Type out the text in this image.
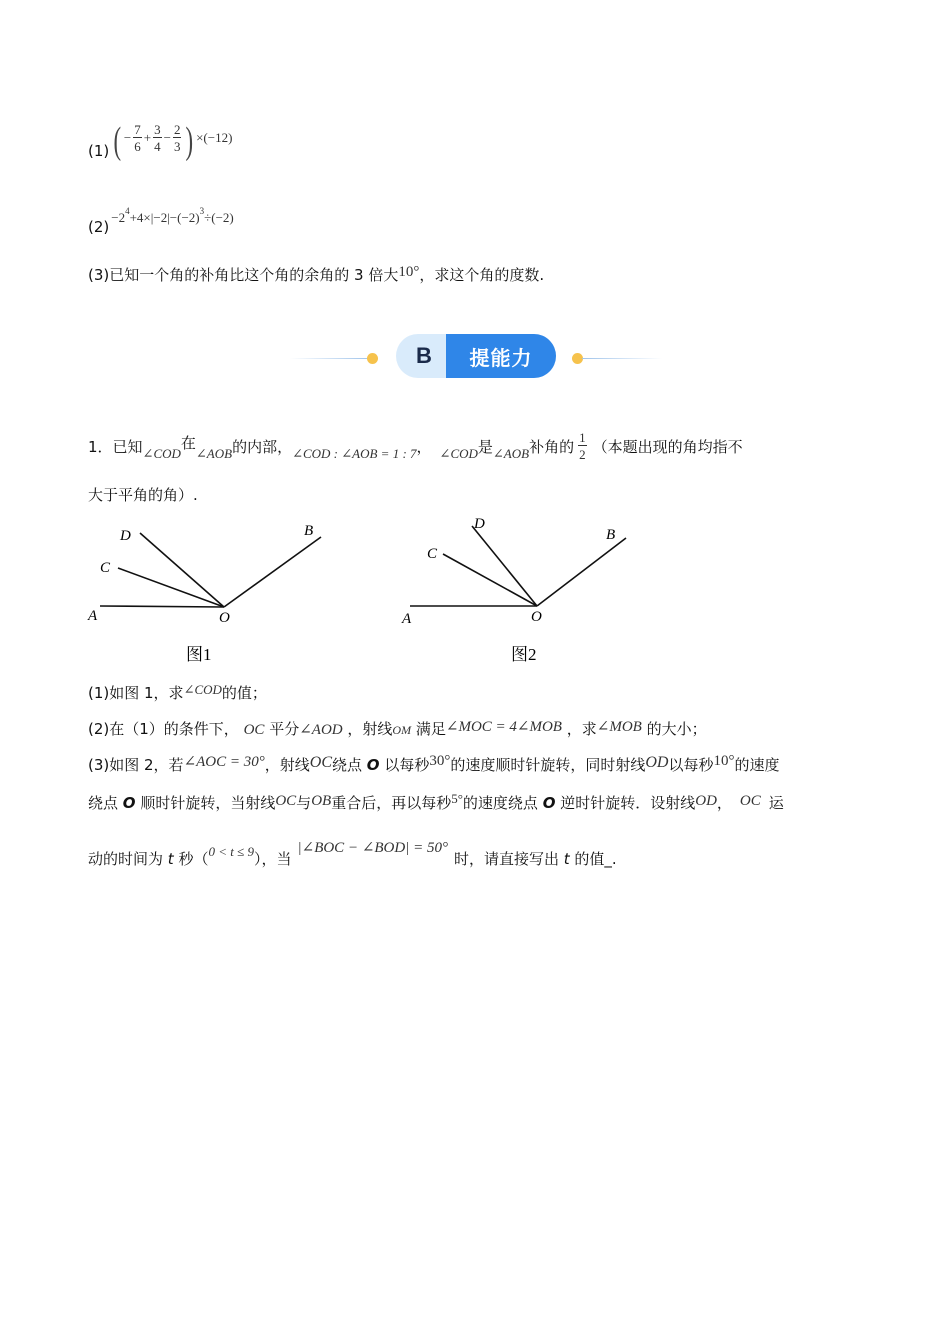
(1) ( − $\frac{7}{6} + \frac{3}{4} - \frac{2}{3}$ ) ×(−12)
(2)
$-2^4+4\times|-2|-(-2)^3\div(-2)$
(3)已知一个角的补角比这个角的余角的 3 倍大10°，求这个角的度数.
B	提能力
1．已知 ∠COD
在
∠AOB 的内部， ∠COD : ∠AOB = 1 : 7 ， ∠COD 是 ∠AOB 补角的 $\frac{1}{2}$ （本题出现的角均指不
大于平角的角）.
A
B
C
D
O
图1
A
B
C
D
O
图2
(1)如图 1，求∠COD的值；
(2)在（1）的条件下， OC 平分∠AOD ，射线OM 满足∠MOC = 4∠MOB ，求∠MOB 的大小；
(3)如图 2，若∠AOC = 30°，射线OC绕点 O 以每秒30°的速度顺时针旋转，同时射线OD以每秒10°的速度
绕点 O 顺时针旋转，当射线OC与OB重合后，再以每秒5°的速度绕点 O 逆时针旋转．设射线OD， OC 运
动的时间为 t 秒（0 < t ≤ 9），当|∠BOC − ∠BOD| = 50°时，请直接写出 t 的值_.
